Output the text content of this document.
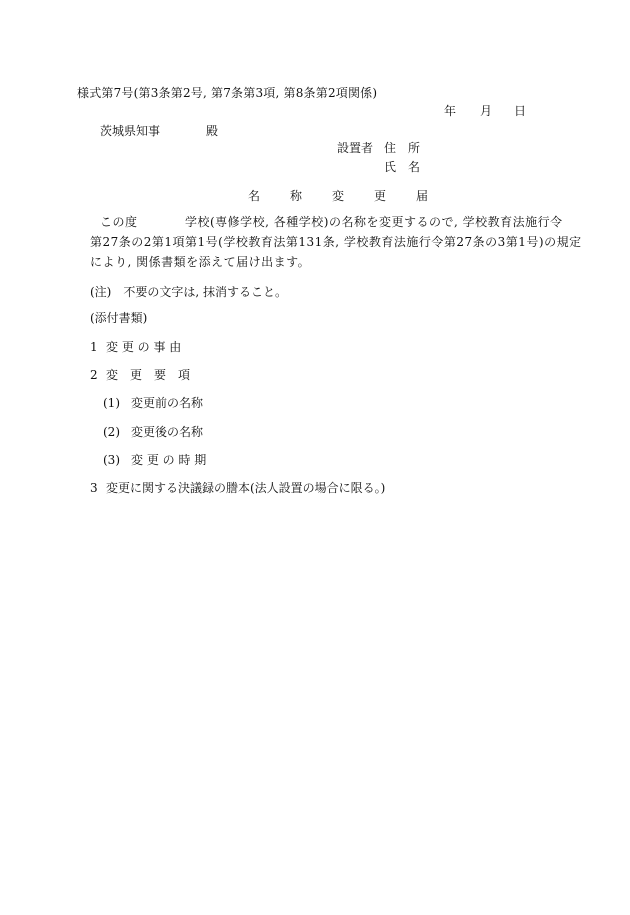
様式第7号(第3条第2号, 第7条第3項, 第8条第2項関係)
年 月 日
茨城県知事	殿
設置者 住　所
氏　名
名称変更届
この度	学校(専修学校, 各種学校)の名称を変更するので, 学校教育法施行令
第27条の2第1項第1号(学校教育法第131条, 学校教育法施行令第27条の3第1号)の規定
により, 関係書類を添えて届け出ます。
(注)　不要の文字は, 抹消すること。
(添付書類)
1 変 更 の 事 由
2 変　更　要　項
(1) 変更前の名称
(2) 変更後の名称
(3) 変 更 の 時 期
3 変更に関する決議録の謄本(法人設置の場合に限る。)
